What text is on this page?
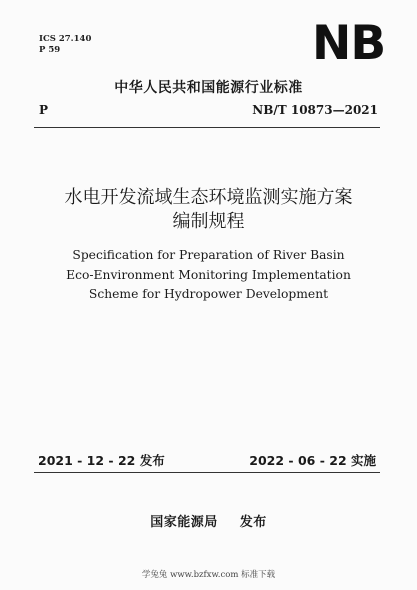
ICS 27.140
P 59	NB
中华人民共和国能源行业标准
P	NB/T 10873—2021
水电开发流域生态环境监测实施方案
编制规程
Specification for Preparation of River Basin
Eco-Environment Monitoring Implementation
Scheme for Hydropower Development
2021 - 12 - 22 发布	2022 - 06 - 22 实施
国家能源局 发布
学兔兔 www.bzfxw.com 标准下载
